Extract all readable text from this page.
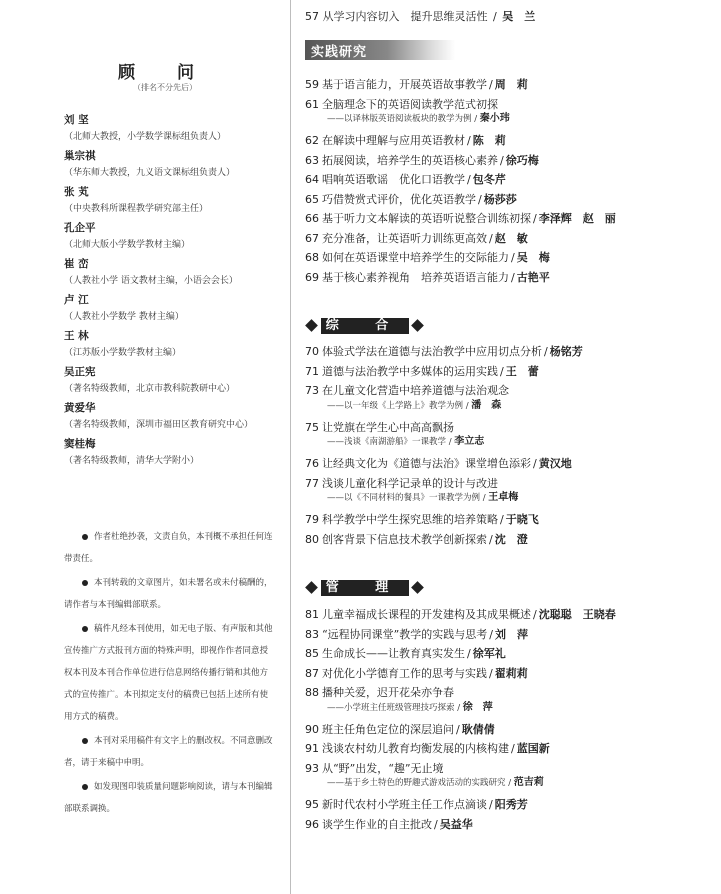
顾 问
（排名不分先后）
刘 坚
（北师大教授，小学数学课标组负责人）
巢宗祺
（华东师大教授，九义语文课标组负责人）
张 芄
（中央教科所课程教学研究部主任）
孔企平
（北师大版小学数学教材主编）
崔 峦
（人教社小学 语文教材主编，小语会会长）
卢 江
（人教社小学数学 教材主编）
王 林
（江苏版小学数学教材主编）
吴正宪
（著名特级教师，北京市教科院教研中心）
黄爱华
（著名特级教师，深圳市福田区教育研究中心）
窦桂梅
（著名特级教师，清华大学附小）
作者杜绝抄袭，文责自负，本刊概不承担任何连带责任。
本刊转载的文章图片，如未署名或未付稿酬的，请作者与本刊编辑部联系。
稿件凡经本刊使用，如无电子版、有声版和其他宣传推广方式报刊方面的特殊声明，即视作作者同意授权本刊及本刊合作单位进行信息网络传播行销和其他方式的宣传推广。本刊拟定支付的稿费已包括上述所有使用方式的稿费。
本刊对采用稿件有文字上的删改权。不同意删改者，请于来稿中申明。
如发现图印装质量问题影响阅读，请与本刊编辑部联系调换。
57 从学习内容切入　提升思维灵活性 / 吴　兰
实践研究
59 基于语言能力，开展英语故事教学 / 周　莉
61 全脑理念下的英语阅读教学范式初探
——以译林版英语阅读板块的教学为例 / 秦小玮
62 在解读中理解与应用英语教材 / 陈　莉
63 拓展阅读，培养学生的英语核心素养 / 徐巧梅
64 唱响英语歌谣　优化口语教学 / 包冬芹
65 巧借赞赏式评价，优化英语教学 / 杨莎莎
66 基于听力文本解读的英语听说整合训练初探 / 李泽辉　赵　丽
67 充分准备，让英语听力训练更高效 / 赵　敏
68 如何在英语课堂中培养学生的交际能力 / 吴　梅
69 基于核心素养视角　培养英语语言能力 / 古艳平
综 合
70 体验式学法在道德与法治教学中应用切点分析 / 杨铭芳
71 道德与法治教学中多媒体的运用实践 / 王　蕾
73 在儿童文化营造中培养道德与法治观念
——以一年级《上学路上》教学为例 / 潘　森
75 让党旗在学生心中高高飘扬
——浅谈《南湖游船》一课教学 / 李立志
76 让经典文化为《道德与法治》课堂增色添彩 / 黄汉地
77 浅谈儿童化科学记录单的设计与改进
——以《不同材料的餐具》一课教学为例 / 王卓梅
79 科学教学中学生探究思维的培养策略 / 于晓飞
80 创客背景下信息技术教学创新探索 / 沈　澄
管 理
81 儿童幸福成长课程的开发建构及其成果概述 / 沈聪聪　王晓春
83 “远程协同课堂”教学的实践与思考 / 刘　萍
85 生命成长——让教育真实发生 / 徐军礼
87 对优化小学德育工作的思考与实践 / 翟莉莉
88 播种关爱，迟开花朵亦争春
——小学班主任班级管理技巧探索 / 徐　萍
90 班主任角色定位的深层追问 / 耿倩倩
91 浅谈农村幼儿教育均衡发展的内核构建 / 蓝国新
93 从“野”出发，“趣”无止境
——基于乡土特色的野趣式游戏活动的实践研究 / 范吉莉
95 新时代农村小学班主任工作点滴谈 / 阳秀芳
96 谈学生作业的自主批改 / 吴益华
